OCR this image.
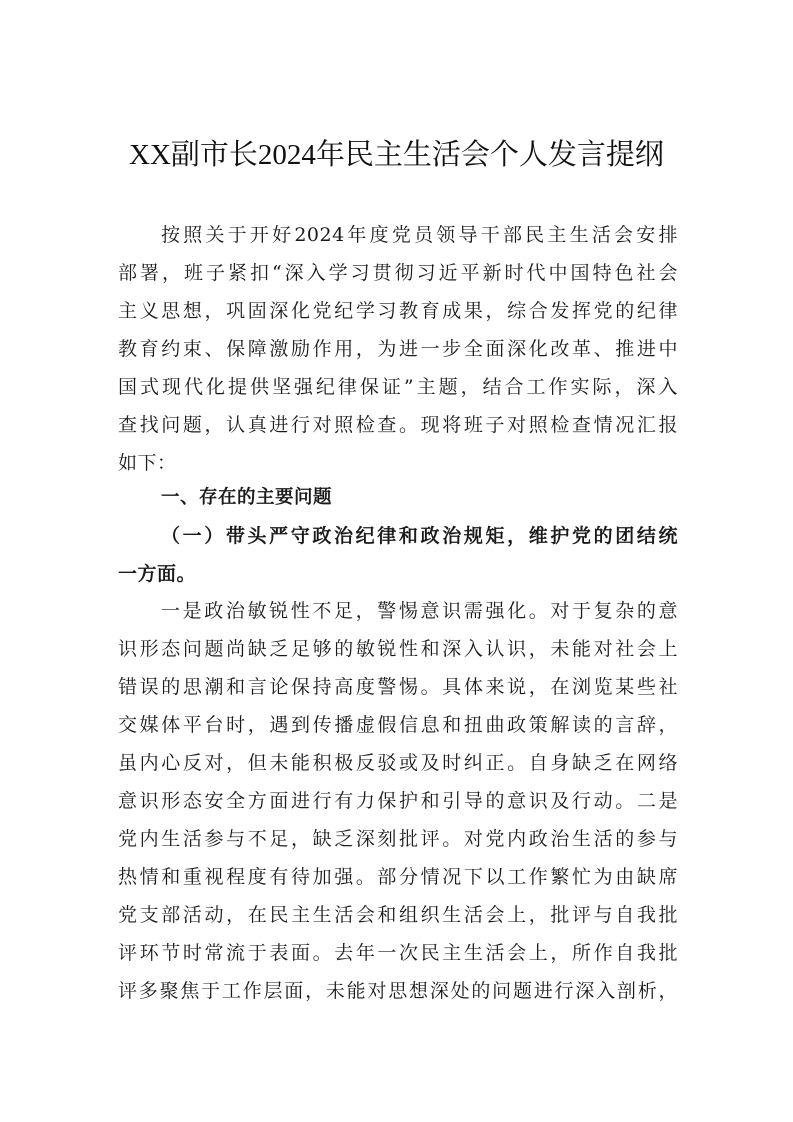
XX副市长2024年民主生活会个人发言提纲
按照关于开好2024年度党员领导干部民主生活会安排
部署，班子紧扣“深入学习贯彻习近平新时代中国特色社会
主义思想，巩固深化党纪学习教育成果，综合发挥党的纪律
教育约束、保障激励作用，为进一步全面深化改革、推进中
国式现代化提供坚强纪律保证”主题，结合工作实际，深入
查找问题，认真进行对照检查。现将班子对照检查情况汇报
如下：
一、存在的主要问题
（一）带头严守政治纪律和政治规矩，维护党的团结统
一方面。
一是政治敏锐性不足，警惕意识需强化。对于复杂的意
识形态问题尚缺乏足够的敏锐性和深入认识，未能对社会上
错误的思潮和言论保持高度警惕。具体来说，在浏览某些社
交媒体平台时，遇到传播虚假信息和扭曲政策解读的言辞，
虽内心反对，但未能积极反驳或及时纠正。自身缺乏在网络
意识形态安全方面进行有力保护和引导的意识及行动。二是
党内生活参与不足，缺乏深刻批评。对党内政治生活的参与
热情和重视程度有待加强。部分情况下以工作繁忙为由缺席
党支部活动，在民主生活会和组织生活会上，批评与自我批
评环节时常流于表面。去年一次民主生活会上，所作自我批
评多聚焦于工作层面，未能对思想深处的问题进行深入剖析，
